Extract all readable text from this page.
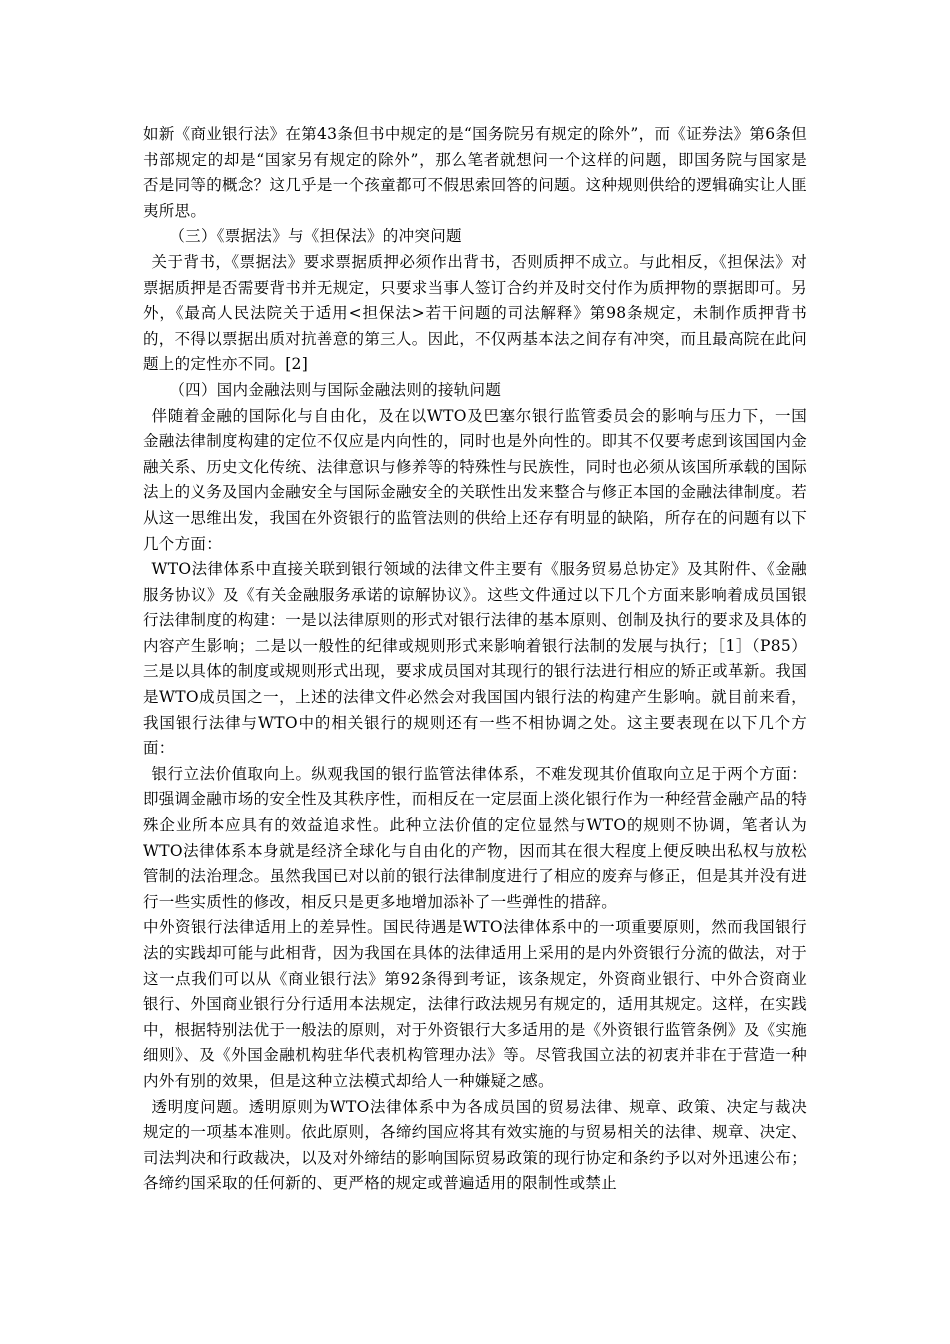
如新《商业银行法》在第43条但书中规定的是“国务院另有规定的除外”，而《证券法》第6条但书部规定的却是“国家另有规定的除外”，那么笔者就想问一个这样的问题，即国务院与国家是否是同等的概念？这几乎是一个孩童都可不假思索回答的问题。这种规则供给的逻辑确实让人匪夷所思。

（三）《票据法》与《担保法》的冲突问题

关于背书，《票据法》要求票据质押必须作出背书，否则质押不成立。与此相反，《担保法》对票据质押是否需要背书并无规定，只要求当事人签订合约并及时交付作为质押物的票据即可。另外，《最高人民法院关于适用<担保法>若干问题的司法解释》第98条规定，未制作质押背书的，不得以票据出质对抗善意的第三人。因此，不仅两基本法之间存有冲突，而且最高院在此问题上的定性亦不同。[2]

（四）国内金融法则与国际金融法则的接轨问题

伴随着金融的国际化与自由化，及在以WTO及巴塞尔银行监管委员会的影响与压力下，一国金融法律制度构建的定位不仅应是内向性的，同时也是外向性的。即其不仅要考虑到该国国内金融关系、历史文化传统、法律意识与修养等的特殊性与民族性，同时也必须从该国所承载的国际法上的义务及国内金融安全与国际金融安全的关联性出发来整合与修正本国的金融法律制度。若从这一思维出发，我国在外资银行的监管法则的供给上还存有明显的缺陷，所存在的问题有以下几个方面：

WTO法律体系中直接关联到银行领域的法律文件主要有《服务贸易总协定》及其附件、《金融服务协议》及《有关金融服务承诺的谅解协议》。这些文件通过以下几个方面来影响着成员国银行法律制度的构建：一是以法律原则的形式对银行法律的基本原则、创制及执行的要求及具体的内容产生影响；二是以一般性的纪律或规则形式来影响着银行法制的发展与执行；［1］（P85）三是以具体的制度或规则形式出现，要求成员国对其现行的银行法进行相应的矫正或革新。我国是WTO成员国之一，上述的法律文件必然会对我国国内银行法的构建产生影响。就目前来看，我国银行法律与WTO中的相关银行的规则还有一些不相协调之处。这主要表现在以下几个方面：

银行立法价值取向上。纵观我国的银行监管法律体系，不难发现其价值取向立足于两个方面：即强调金融市场的安全性及其秩序性，而相反在一定层面上淡化银行作为一种经营金融产品的特殊企业所本应具有的效益追求性。此种立法价值的定位显然与WTO的规则不协调，笔者认为WTO法律体系本身就是经济全球化与自由化的产物，因而其在很大程度上便反映出私权与放松管制的法治理念。虽然我国已对以前的银行法律制度进行了相应的废弃与修正，但是其并没有进行一些实质性的修改，相反只是更多地增加添补了一些弹性的措辞。

中外资银行法律适用上的差异性。国民待遇是WTO法律体系中的一项重要原则，然而我国银行法的实践却可能与此相背，因为我国在具体的法律适用上采用的是内外资银行分流的做法，对于这一点我们可以从《商业银行法》第92条得到考证，该条规定，外资商业银行、中外合资商业银行、外国商业银行分行适用本法规定，法律行政法规另有规定的，适用其规定。这样，在实践中，根据特别法优于一般法的原则，对于外资银行大多适用的是《外资银行监管条例》及《实施细则》、及《外国金融机构驻华代表机构管理办法》等。尽管我国立法的初衷并非在于营造一种内外有别的效果，但是这种立法模式却给人一种嫌疑之感。

透明度问题。透明原则为WTO法律体系中为各成员国的贸易法律、规章、政策、决定与裁决规定的一项基本准则。依此原则，各缔约国应将其有效实施的与贸易相关的法律、规章、决定、司法判决和行政裁决，以及对外缔结的影响国际贸易政策的现行协定和条约予以对外迅速公布；各缔约国采取的任何新的、更严格的规定或普遍适用的限制性或禁止
